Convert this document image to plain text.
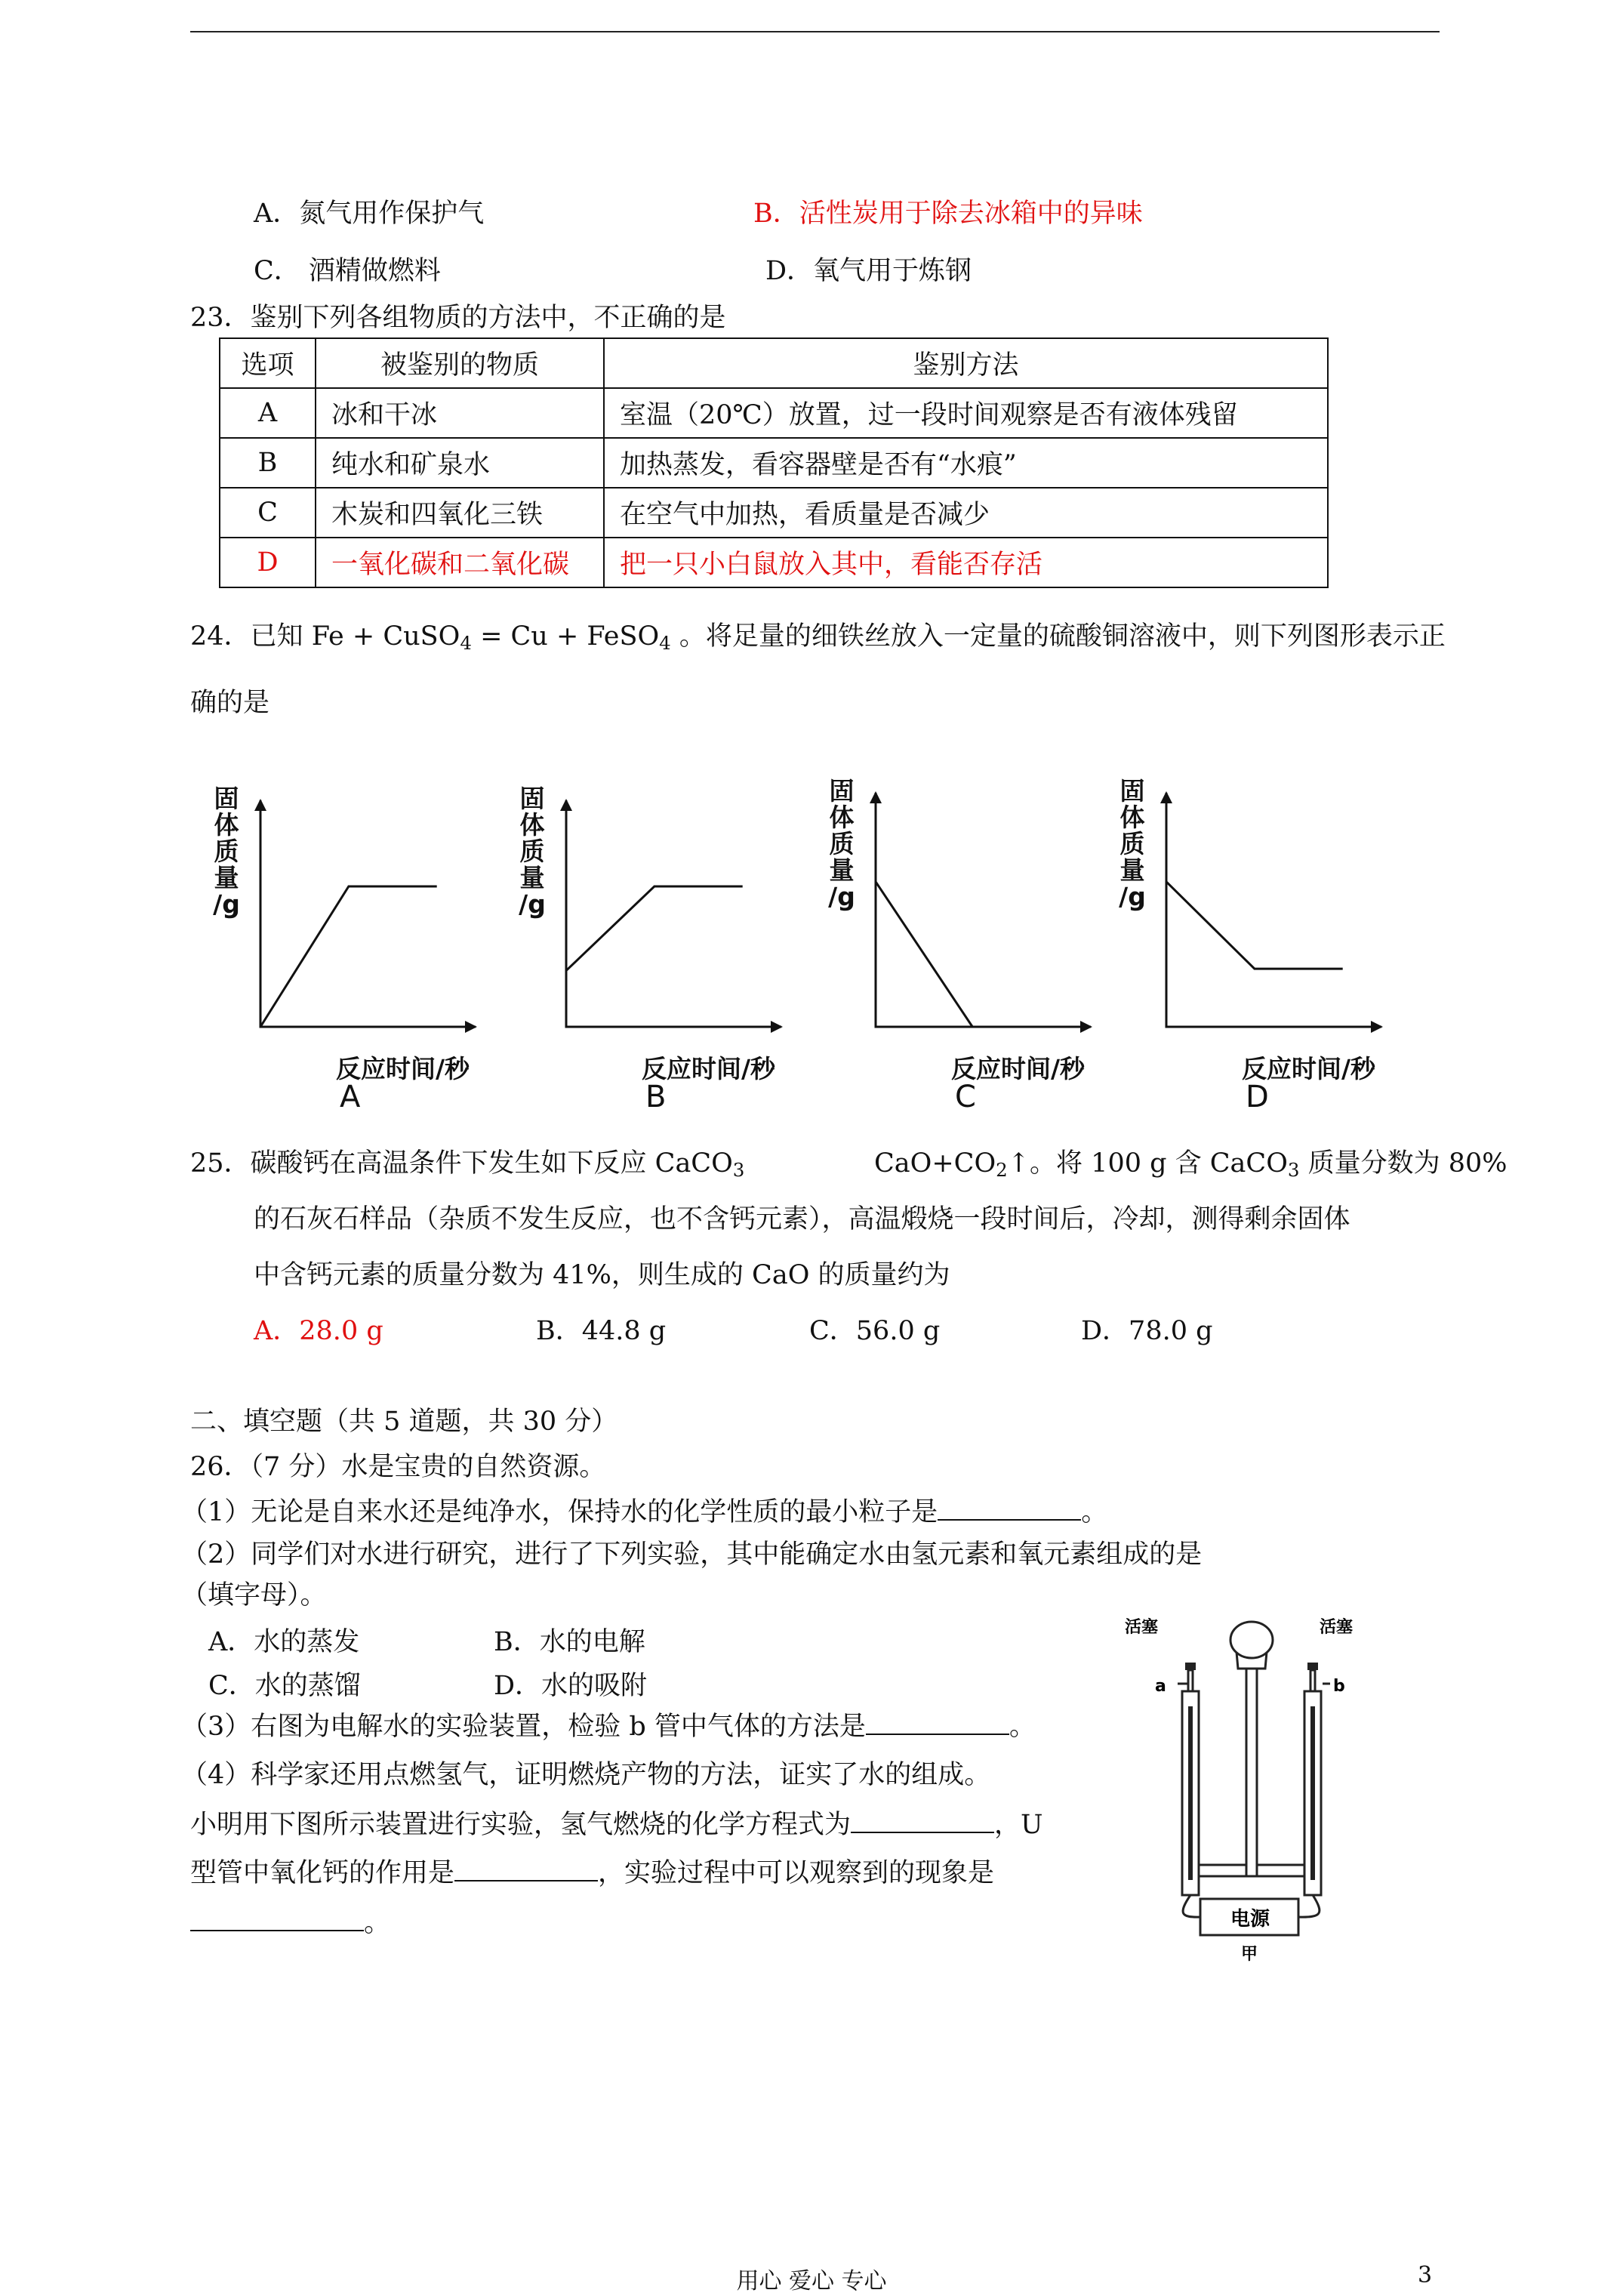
A．氮气用作保护气	B．活性炭用于除去冰箱中的异味
C． 酒精做燃料	D．氧气用于炼钢
23．鉴别下列各组物质的方法中，不正确的是
选项	被鉴别的物质	鉴别方法
A	冰和干冰	室温（20℃）放置，过一段时间观察是否有液体残留
B	纯水和矿泉水	加热蒸发，看容器壁是否有“水痕”
C	木炭和四氧化三铁	在空气中加热，看质量是否减少
D	一氧化碳和二氧化碳	把一只小白鼠放入其中，看能否存活
24．已知 Fe + CuSO$_4$ = Cu + FeSO$_4$ 。将足量的细铁丝放入一定量的硫酸铜溶液中，则下列图形表示正
确的是
固
体
质
量
/g
反应时间/秒
A
固
体
质
量
/g
反应时间/秒
B
固
体
质
量
/g
反应时间/秒
C
固
体
质
量
/g
反应时间/秒
D
25．碳酸钙在高温条件下发生如下反应 CaCO$_3$	$CaO+CO_2↑$。将 100 g 含 CaCO$_3$ 质量分数为 80%
的石灰石样品（杂质不发生反应，也不含钙元素），高温煅烧一段时间后，冷却，测得剩余固体
中含钙元素的质量分数为 41%，则生成的 CaO 的质量约为
A．28.0 g	B．44.8 g	C．56.0 g	D．78.0 g
二、填空题（共 5 道题，共 30 分）
26．（7 分）水是宝贵的自然资源。
（1）无论是自来水还是纯净水，保持水的化学性质的最小粒子是	。
（2）同学们对水进行研究，进行了下列实验，其中能确定水由氢元素和氧元素组成的是
（填字母）。
A．水的蒸发	B．水的电解
C．水的蒸馏	D．水的吸附
（3）右图为电解水的实验装置，检验 b 管中气体的方法是	。
（4）科学家还用点燃氢气，证明燃烧产物的方法，证实了水的组成。
小明用下图所示装置进行实验，氢气燃烧的化学方程式为	，U
型管中氧化钙的作用是	，实验过程中可以观察到的现象是
。
活塞	活塞
a	b
电源
甲
用心 爱心 专心	3
